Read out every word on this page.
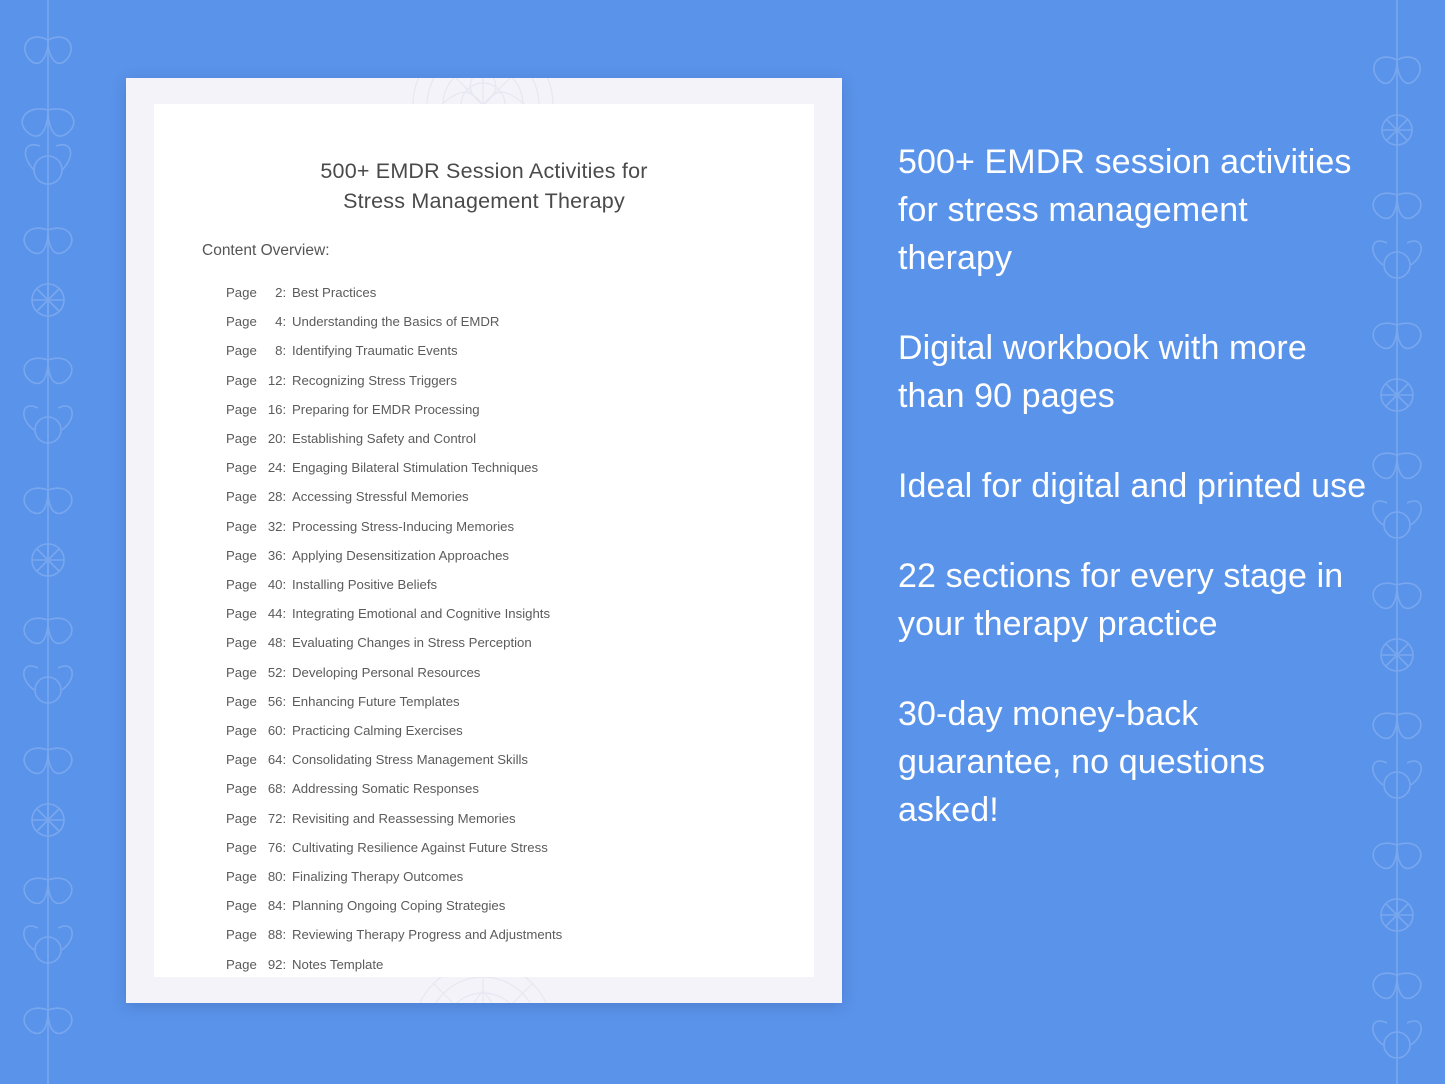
500+ EMDR Session Activities for
Stress Management Therapy
Content Overview:
Page 2: Best Practices
Page 4: Understanding the Basics of EMDR
Page 8: Identifying Traumatic Events
Page 12: Recognizing Stress Triggers
Page 16: Preparing for EMDR Processing
Page 20: Establishing Safety and Control
Page 24: Engaging Bilateral Stimulation Techniques
Page 28: Accessing Stressful Memories
Page 32: Processing Stress-Inducing Memories
Page 36: Applying Desensitization Approaches
Page 40: Installing Positive Beliefs
Page 44: Integrating Emotional and Cognitive Insights
Page 48: Evaluating Changes in Stress Perception
Page 52: Developing Personal Resources
Page 56: Enhancing Future Templates
Page 60: Practicing Calming Exercises
Page 64: Consolidating Stress Management Skills
Page 68: Addressing Somatic Responses
Page 72: Revisiting and Reassessing Memories
Page 76: Cultivating Resilience Against Future Stress
Page 80: Finalizing Therapy Outcomes
Page 84: Planning Ongoing Coping Strategies
Page 88: Reviewing Therapy Progress and Adjustments
Page 92: Notes Template
500+ EMDR session activities for stress management therapy
Digital workbook with more than 90 pages
Ideal for digital and printed use
22 sections for every stage in your therapy practice
30-day money-back guarantee, no questions asked!
